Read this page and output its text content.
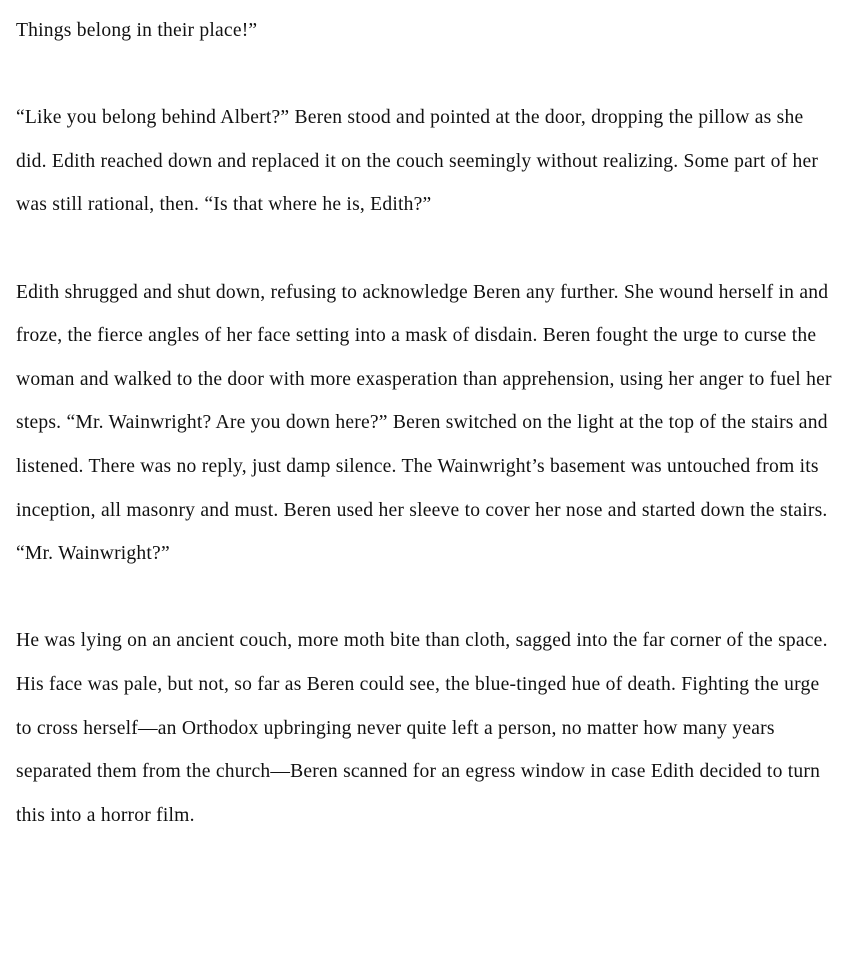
Things belong in their place!”

“Like you belong behind Albert?” Beren stood and pointed at the door, dropping the pillow as she did. Edith reached down and replaced it on the couch seemingly without realizing. Some part of her was still rational, then. “Is that where he is, Edith?”

Edith shrugged and shut down, refusing to acknowledge Beren any further. She wound herself in and froze, the fierce angles of her face setting into a mask of disdain. Beren fought the urge to curse the woman and walked to the door with more exasperation than apprehension, using her anger to fuel her steps. “Mr. Wainwright? Are you down here?” Beren switched on the light at the top of the stairs and listened. There was no reply, just damp silence. The Wainwright’s basement was untouched from its inception, all masonry and must. Beren used her sleeve to cover her nose and started down the stairs. “Mr. Wainwright?”

He was lying on an ancient couch, more moth bite than cloth, sagged into the far corner of the space. His face was pale, but not, so far as Beren could see, the blue-tinged hue of death. Fighting the urge to cross herself—an Orthodox upbringing never quite left a person, no matter how many years separated them from the church—Beren scanned for an egress window in case Edith decided to turn this into a horror film.
